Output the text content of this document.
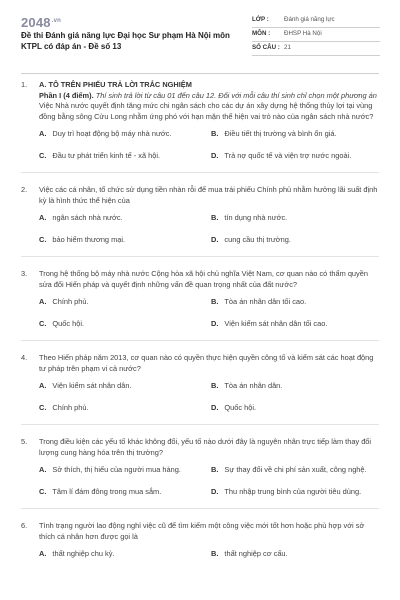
$2048^{.vn}$
Đề thi Đánh giá năng lực Đại học Sư phạm Hà Nội môn KTPL có đáp án - Đề số 13
LỚP :	Đánh giá năng lực
MÔN :	ĐHSP Hà Nội
SỐ CÂU : 21
1. A. TÔ TRÊN PHIẾU TRẢ LỜI TRẮC NGHIỆM
Phần I (4 điểm). Thí sinh trả lời từ câu 01 đến câu 12. Đối với mỗi câu thí sinh chỉ chọn một phương án
Việc Nhà nước quyết định tăng mức chi ngân sách cho các dự án xây dựng hệ thống thủy lợi tại vùng đồng bằng sông Cửu Long nhằm ứng phó với hạn mặn thể hiện vai trò nào của ngân sách nhà nước?
A. Duy trì hoạt động bộ máy nhà nước.	B. Điều tiết thị trường và bình ổn giá.
C. Đầu tư phát triển kinh tế - xã hội.	D. Trả nợ quốc tế và viện trợ nước ngoài.
2. Việc các cá nhân, tổ chức sử dụng tiền nhàn rỗi để mua trái phiếu Chính phủ nhằm hưởng lãi suất định kỳ là hình thức thể hiện của
A. ngân sách nhà nước.	B. tín dụng nhà nước.
C. bảo hiểm thương mại.	D. cung cầu thị trường.
3. Trong hệ thống bộ máy nhà nước Cộng hòa xã hội chủ nghĩa Việt Nam, cơ quan nào có thẩm quyền sửa đổi Hiến pháp và quyết định những vấn đề quan trọng nhất của đất nước?
A. Chính phủ.	B. Tòa án nhân dân tối cao.
C. Quốc hội.	D. Viện kiểm sát nhân dân tối cao.
4. Theo Hiến pháp năm 2013, cơ quan nào có quyền thực hiện quyền công tố và kiểm sát các hoạt động tư pháp trên phạm vi cả nước?
A. Viện kiểm sát nhân dân.	B. Tòa án nhân dân.
C. Chính phủ.	D. Quốc hội.
5. Trong điều kiện các yếu tố khác không đổi, yếu tố nào dưới đây là nguyên nhân trực tiếp làm thay đổi lượng cung hàng hóa trên thị trường?
A. Sở thích, thị hiếu của người mua hàng.	B. Sự thay đổi về chi phí sản xuất, công nghệ.
C. Tâm lí đám đông trong mua sắm.	D. Thu nhập trung bình của người tiêu dùng.
6. Tình trạng người lao động nghỉ việc cũ để tìm kiếm một công việc mới tốt hơn hoặc phù hợp với sở thích cá nhân hơn được gọi là
A. thất nghiệp chu kỳ.	B. thất nghiệp cơ cấu.
